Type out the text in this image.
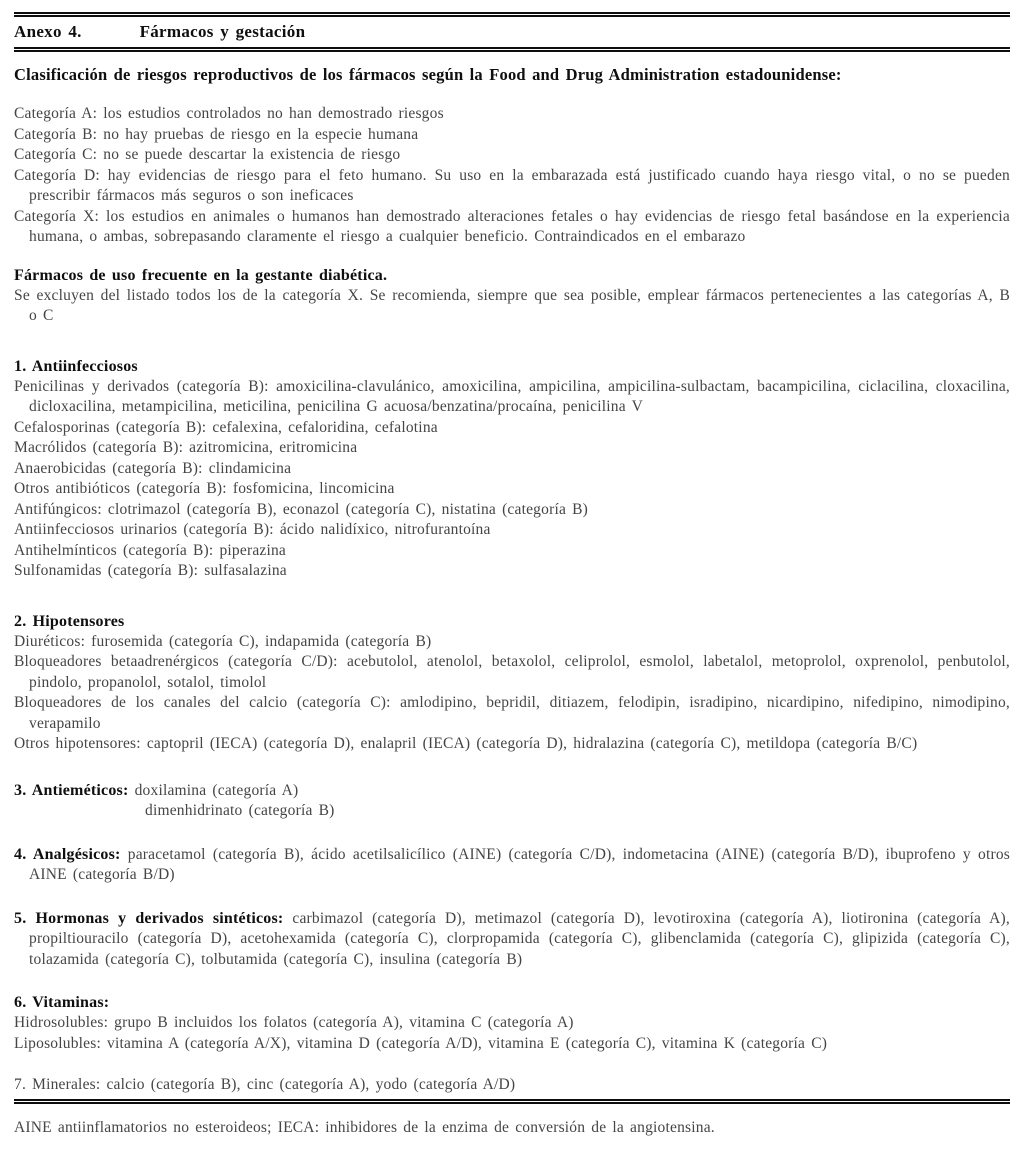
Anexo 4.	Fármacos y gestación
Clasificación de riesgos reproductivos de los fármacos según la Food and Drug Administration estadounidense:
Categoría A: los estudios controlados no han demostrado riesgos
Categoría B: no hay pruebas de riesgo en la especie humana
Categoría C: no se puede descartar la existencia de riesgo
Categoría D: hay evidencias de riesgo para el feto humano. Su uso en la embarazada está justificado cuando haya riesgo vital, o no se pueden prescribir fármacos más seguros o son ineficaces
Categoría X: los estudios en animales o humanos han demostrado alteraciones fetales o hay evidencias de riesgo fetal basándose en la experiencia humana, o ambas, sobrepasando claramente el riesgo a cualquier beneficio. Contraindicados en el embarazo
Fármacos de uso frecuente en la gestante diabética.
Se excluyen del listado todos los de la categoría X. Se recomienda, siempre que sea posible, emplear fármacos pertenecientes a las categorías A, B o C
1. Antiinfecciosos
Penicilinas y derivados (categoría B): amoxicilina-clavulánico, amoxicilina, ampicilina, ampicilina-sulbactam, bacampicilina, ciclacilina, cloxacilina, dicloxacilina, metampicilina, meticilina, penicilina G acuosa/benzatina/procaína, penicilina V
Cefalosporinas (categoría B): cefalexina, cefaloridina, cefalotina
Macrólidos (categoría B): azitromicina, eritromicina
Anaerobicidas (categoría B): clindamicina
Otros antibióticos (categoría B): fosfomicina, lincomicina
Antifúngicos: clotrimazol (categoría B), econazol (categoría C), nistatina (categoría B)
Antiinfecciosos urinarios (categoría B): ácido nalidíxico, nitrofurantoína
Antihelmínticos (categoría B): piperazina
Sulfonamidas (categoría B): sulfasalazina
2. Hipotensores
Diuréticos: furosemida (categoría C), indapamida (categoría B)
Bloqueadores betaadrenérgicos (categoría C/D): acebutolol, atenolol, betaxolol, celiprolol, esmolol, labetalol, metoprolol, oxprenolol, penbutolol, pindolo, propanolol, sotalol, timolol
Bloqueadores de los canales del calcio (categoría C): amlodipino, bepridil, ditiazem, felodipin, isradipino, nicardipino, nifedipino, nimodipino, verapamilo
Otros hipotensores: captopril (IECA) (categoría D), enalapril (IECA) (categoría D), hidralazina (categoría C), metildopa (categoría B/C)
3. Antieméticos: doxilamina (categoría A)
dimenhidrinato (categoría B)
4. Analgésicos: paracetamol (categoría B), ácido acetilsalicílico (AINE) (categoría C/D), indometacina (AINE) (categoría B/D), ibuprofeno y otros AINE (categoría B/D)
5. Hormonas y derivados sintéticos: carbimazol (categoría D), metimazol (categoría D), levotiroxina (categoría A), liotironina (categoría A), propiltiouracilo (categoría D), acetohexamida (categoría C), clorpropamida (categoría C), glibenclamida (categoría C), glipizida (categoría C), tolazamida (categoría C), tolbutamida (categoría C), insulina (categoría B)
6. Vitaminas:
Hidrosolubles: grupo B incluidos los folatos (categoría A), vitamina C (categoría A)
Liposolubles: vitamina A (categoría A/X), vitamina D (categoría A/D), vitamina E (categoría C), vitamina K (categoría C)
7. Minerales: calcio (categoría B), cinc (categoría A), yodo (categoría A/D)
AINE antiinflamatorios no esteroideos; IECA: inhibidores de la enzima de conversión de la angiotensina.
